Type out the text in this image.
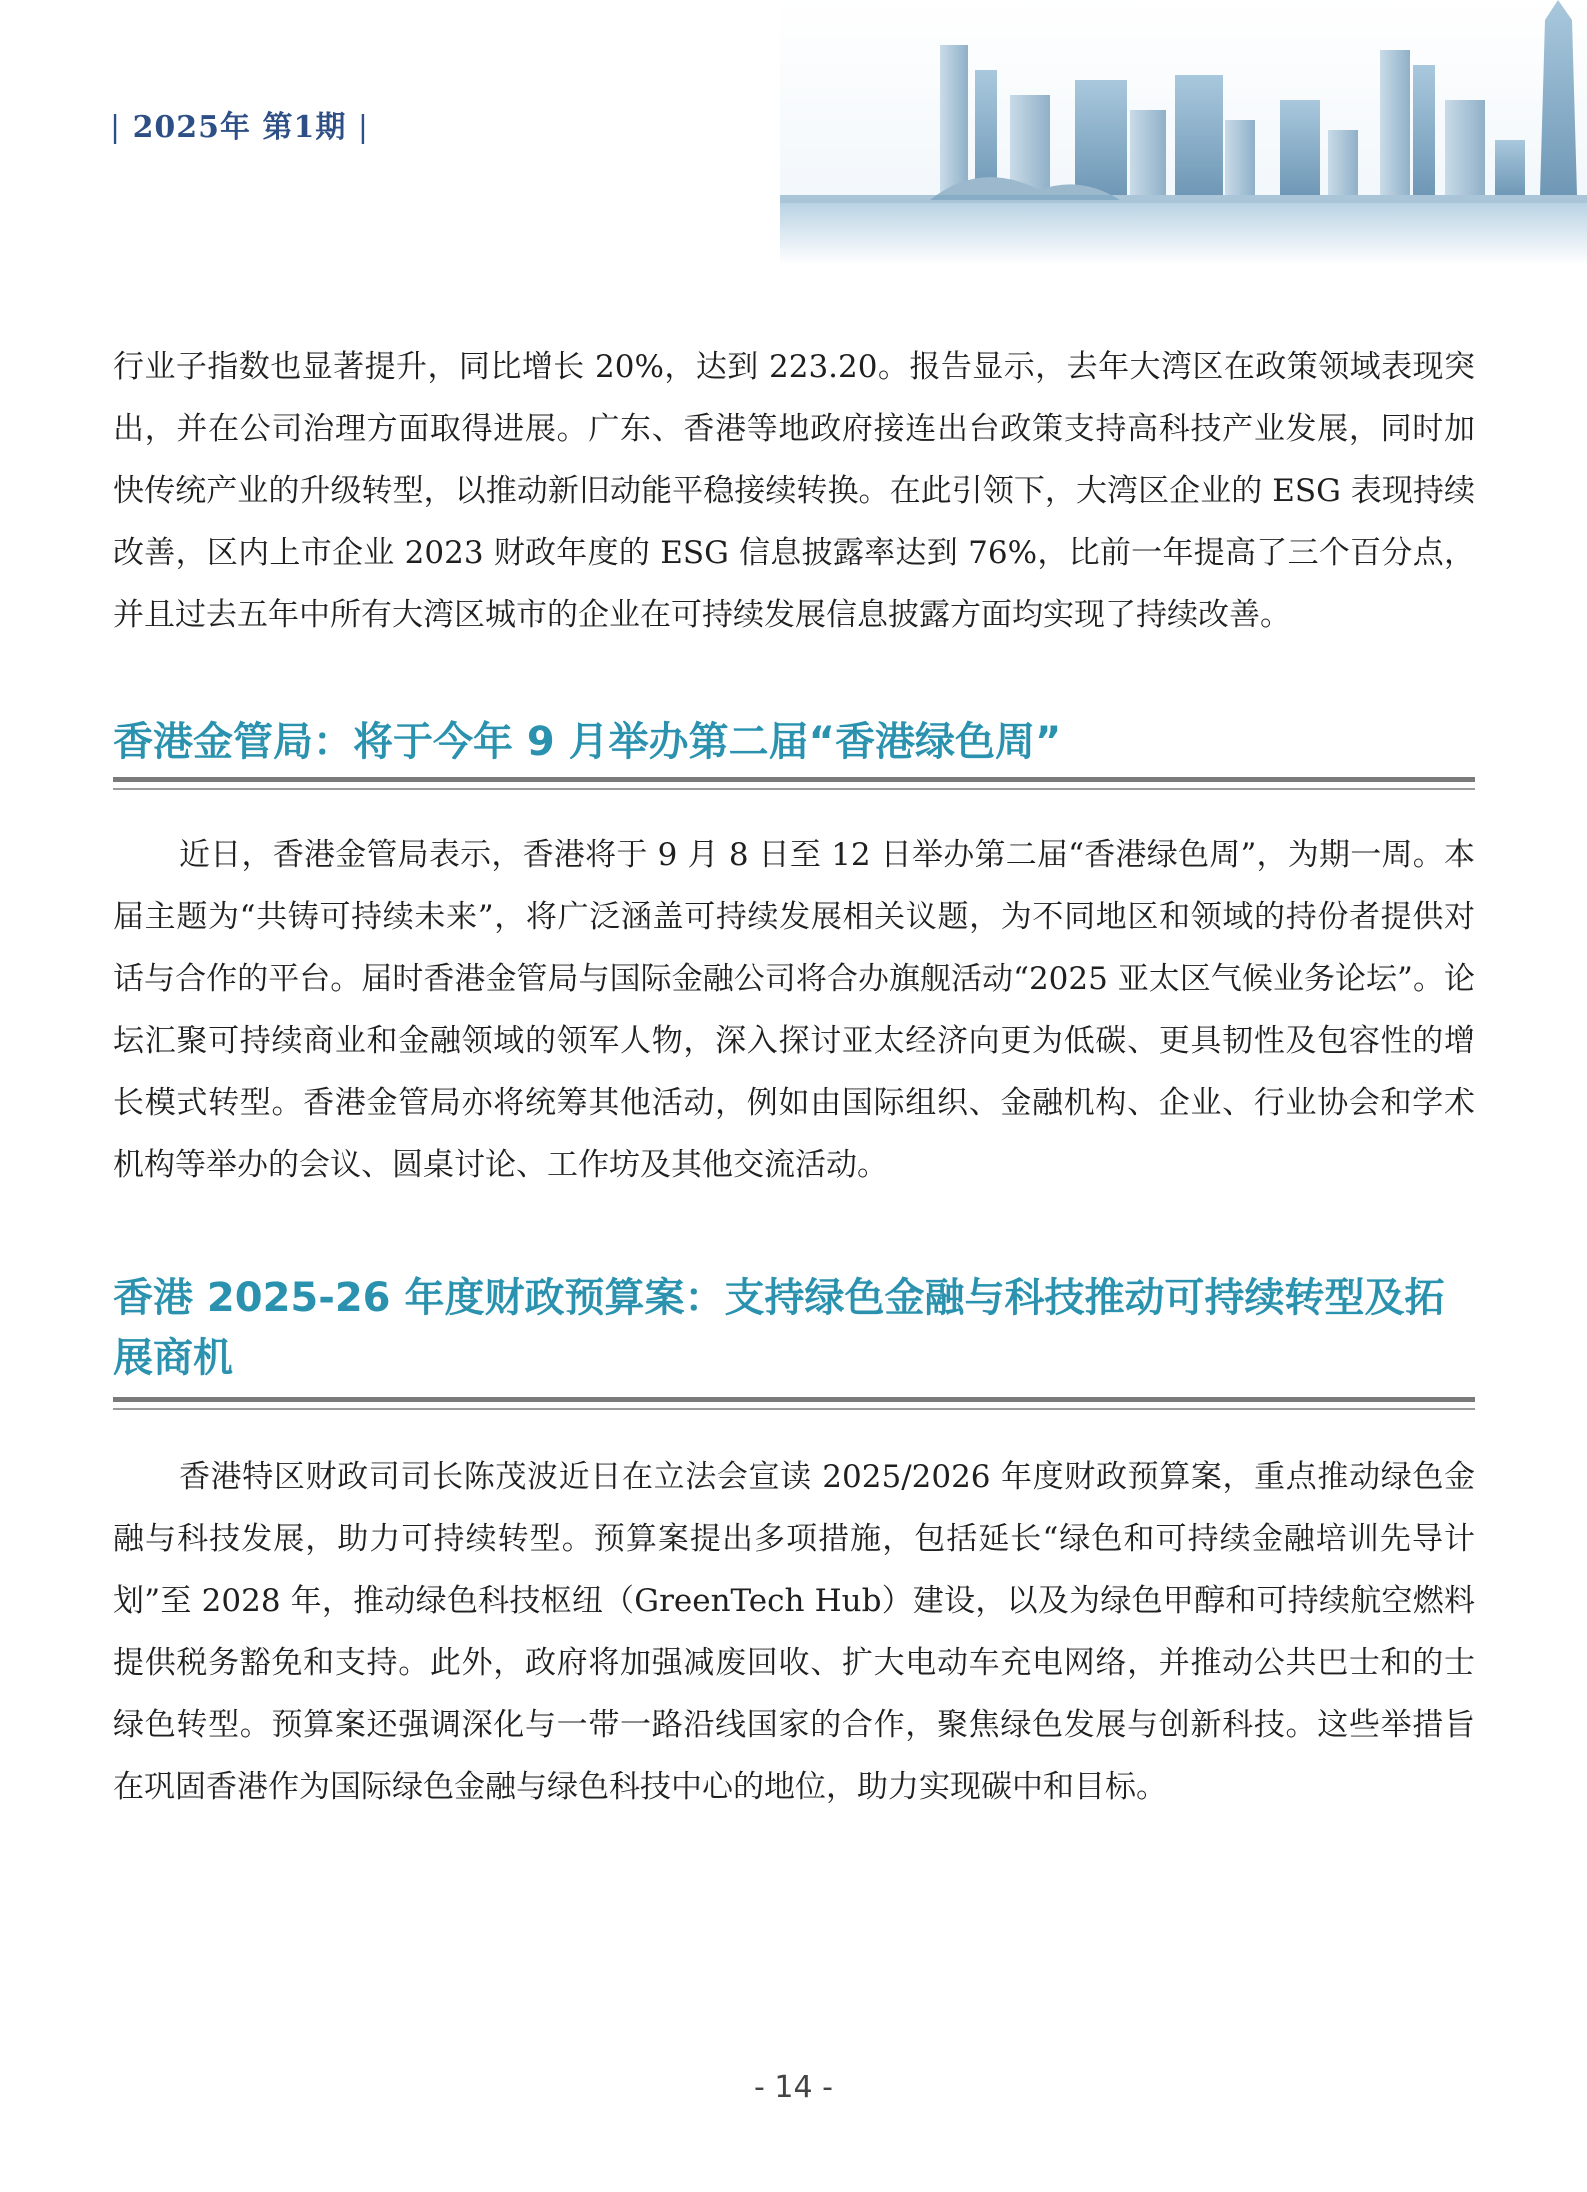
| 2025年 第1期 |

行业子指数也显著提升，同比增长 20%，达到 223.20。报告显示，去年大湾区在政策领域表现突出，并在公司治理方面取得进展。广东、香港等地政府接连出台政策支持高科技产业发展，同时加快传统产业的升级转型，以推动新旧动能平稳接续转换。在此引领下，大湾区企业的 ESG 表现持续改善，区内上市企业 2023 财政年度的 ESG 信息披露率达到 76%，比前一年提高了三个百分点，并且过去五年中所有大湾区城市的企业在可持续发展信息披露方面均实现了持续改善。

香港金管局：将于今年 9 月举办第二届“香港绿色周”

近日，香港金管局表示，香港将于 9 月 8 日至 12 日举办第二届“香港绿色周”，为期一周。本届主题为“共铸可持续未来”，将广泛涵盖可持续发展相关议题，为不同地区和领域的持份者提供对话与合作的平台。届时香港金管局与国际金融公司将合办旗舰活动“2025 亚太区气候业务论坛”。论坛汇聚可持续商业和金融领域的领军人物，深入探讨亚太经济向更为低碳、更具韧性及包容性的增长模式转型。香港金管局亦将统筹其他活动，例如由国际组织、金融机构、企业、行业协会和学术机构等举办的会议、圆桌讨论、工作坊及其他交流活动。

香港 2025-26 年度财政预算案：支持绿色金融与科技推动可持续转型及拓展商机

香港特区财政司司长陈茂波近日在立法会宣读 2025/2026 年度财政预算案，重点推动绿色金融与科技发展，助力可持续转型。预算案提出多项措施，包括延长“绿色和可持续金融培训先导计划”至 2028 年，推动绿色科技枢纽（GreenTech Hub）建设，以及为绿色甲醇和可持续航空燃料提供税务豁免和支持。此外，政府将加强减废回收、扩大电动车充电网络，并推动公共巴士和的士绿色转型。预算案还强调深化与一带一路沿线国家的合作，聚焦绿色发展与创新科技。这些举措旨在巩固香港作为国际绿色金融与绿色科技中心的地位，助力实现碳中和目标。

- 14 -
